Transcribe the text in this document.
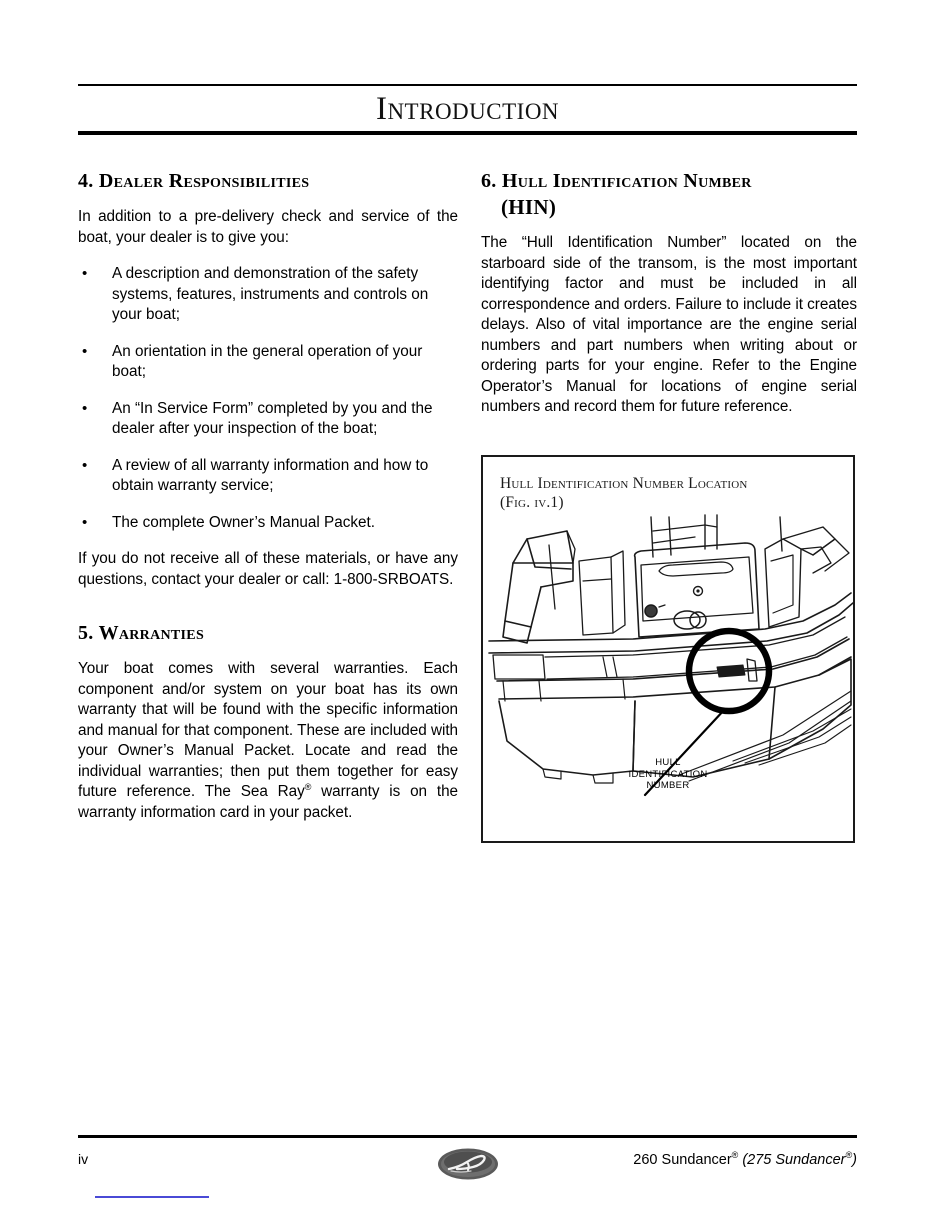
Introduction
4. Dealer Responsibilities

In addition to a pre-delivery check and service of the boat, your dealer is to give you:

• A description and demonstration of the safety systems, features, instruments and controls on your boat;
• An orientation in the general operation of your boat;
• An “In Service Form” completed by you and the dealer after your inspection of the boat;
• A review of all warranty information and how to obtain warranty service;
• The complete Owner’s Manual Packet.

If you do not receive all of these materials, or have any questions, contact your dealer or call: 1-800-SRBOATS.

5. Warranties

Your boat comes with several warranties. Each component and/or system on your boat has its own warranty that will be found with the specific information and manual for that component. These are included with your Owner’s Manual Packet. Locate and read the individual warranties; then put them together for easy future reference. The Sea Ray® warranty is on the warranty information card in your packet.

6. Hull Identification Number
(HIN)

The “Hull Identification Number” located on the starboard side of the transom, is the most important identifying factor and must be included in all correspondence and orders. Failure to include it creates delays. Also of vital importance are the engine serial numbers and part numbers when writing about or ordering parts for your engine. Refer to the Engine Operator’s Manual for locations of engine serial numbers and record them for future reference.

Hull Identification Number Location
(Fig. iv.1)
HULL
IDENTIFICATION
NUMBER
iv	260 Sundancer® (275 Sundancer®)
